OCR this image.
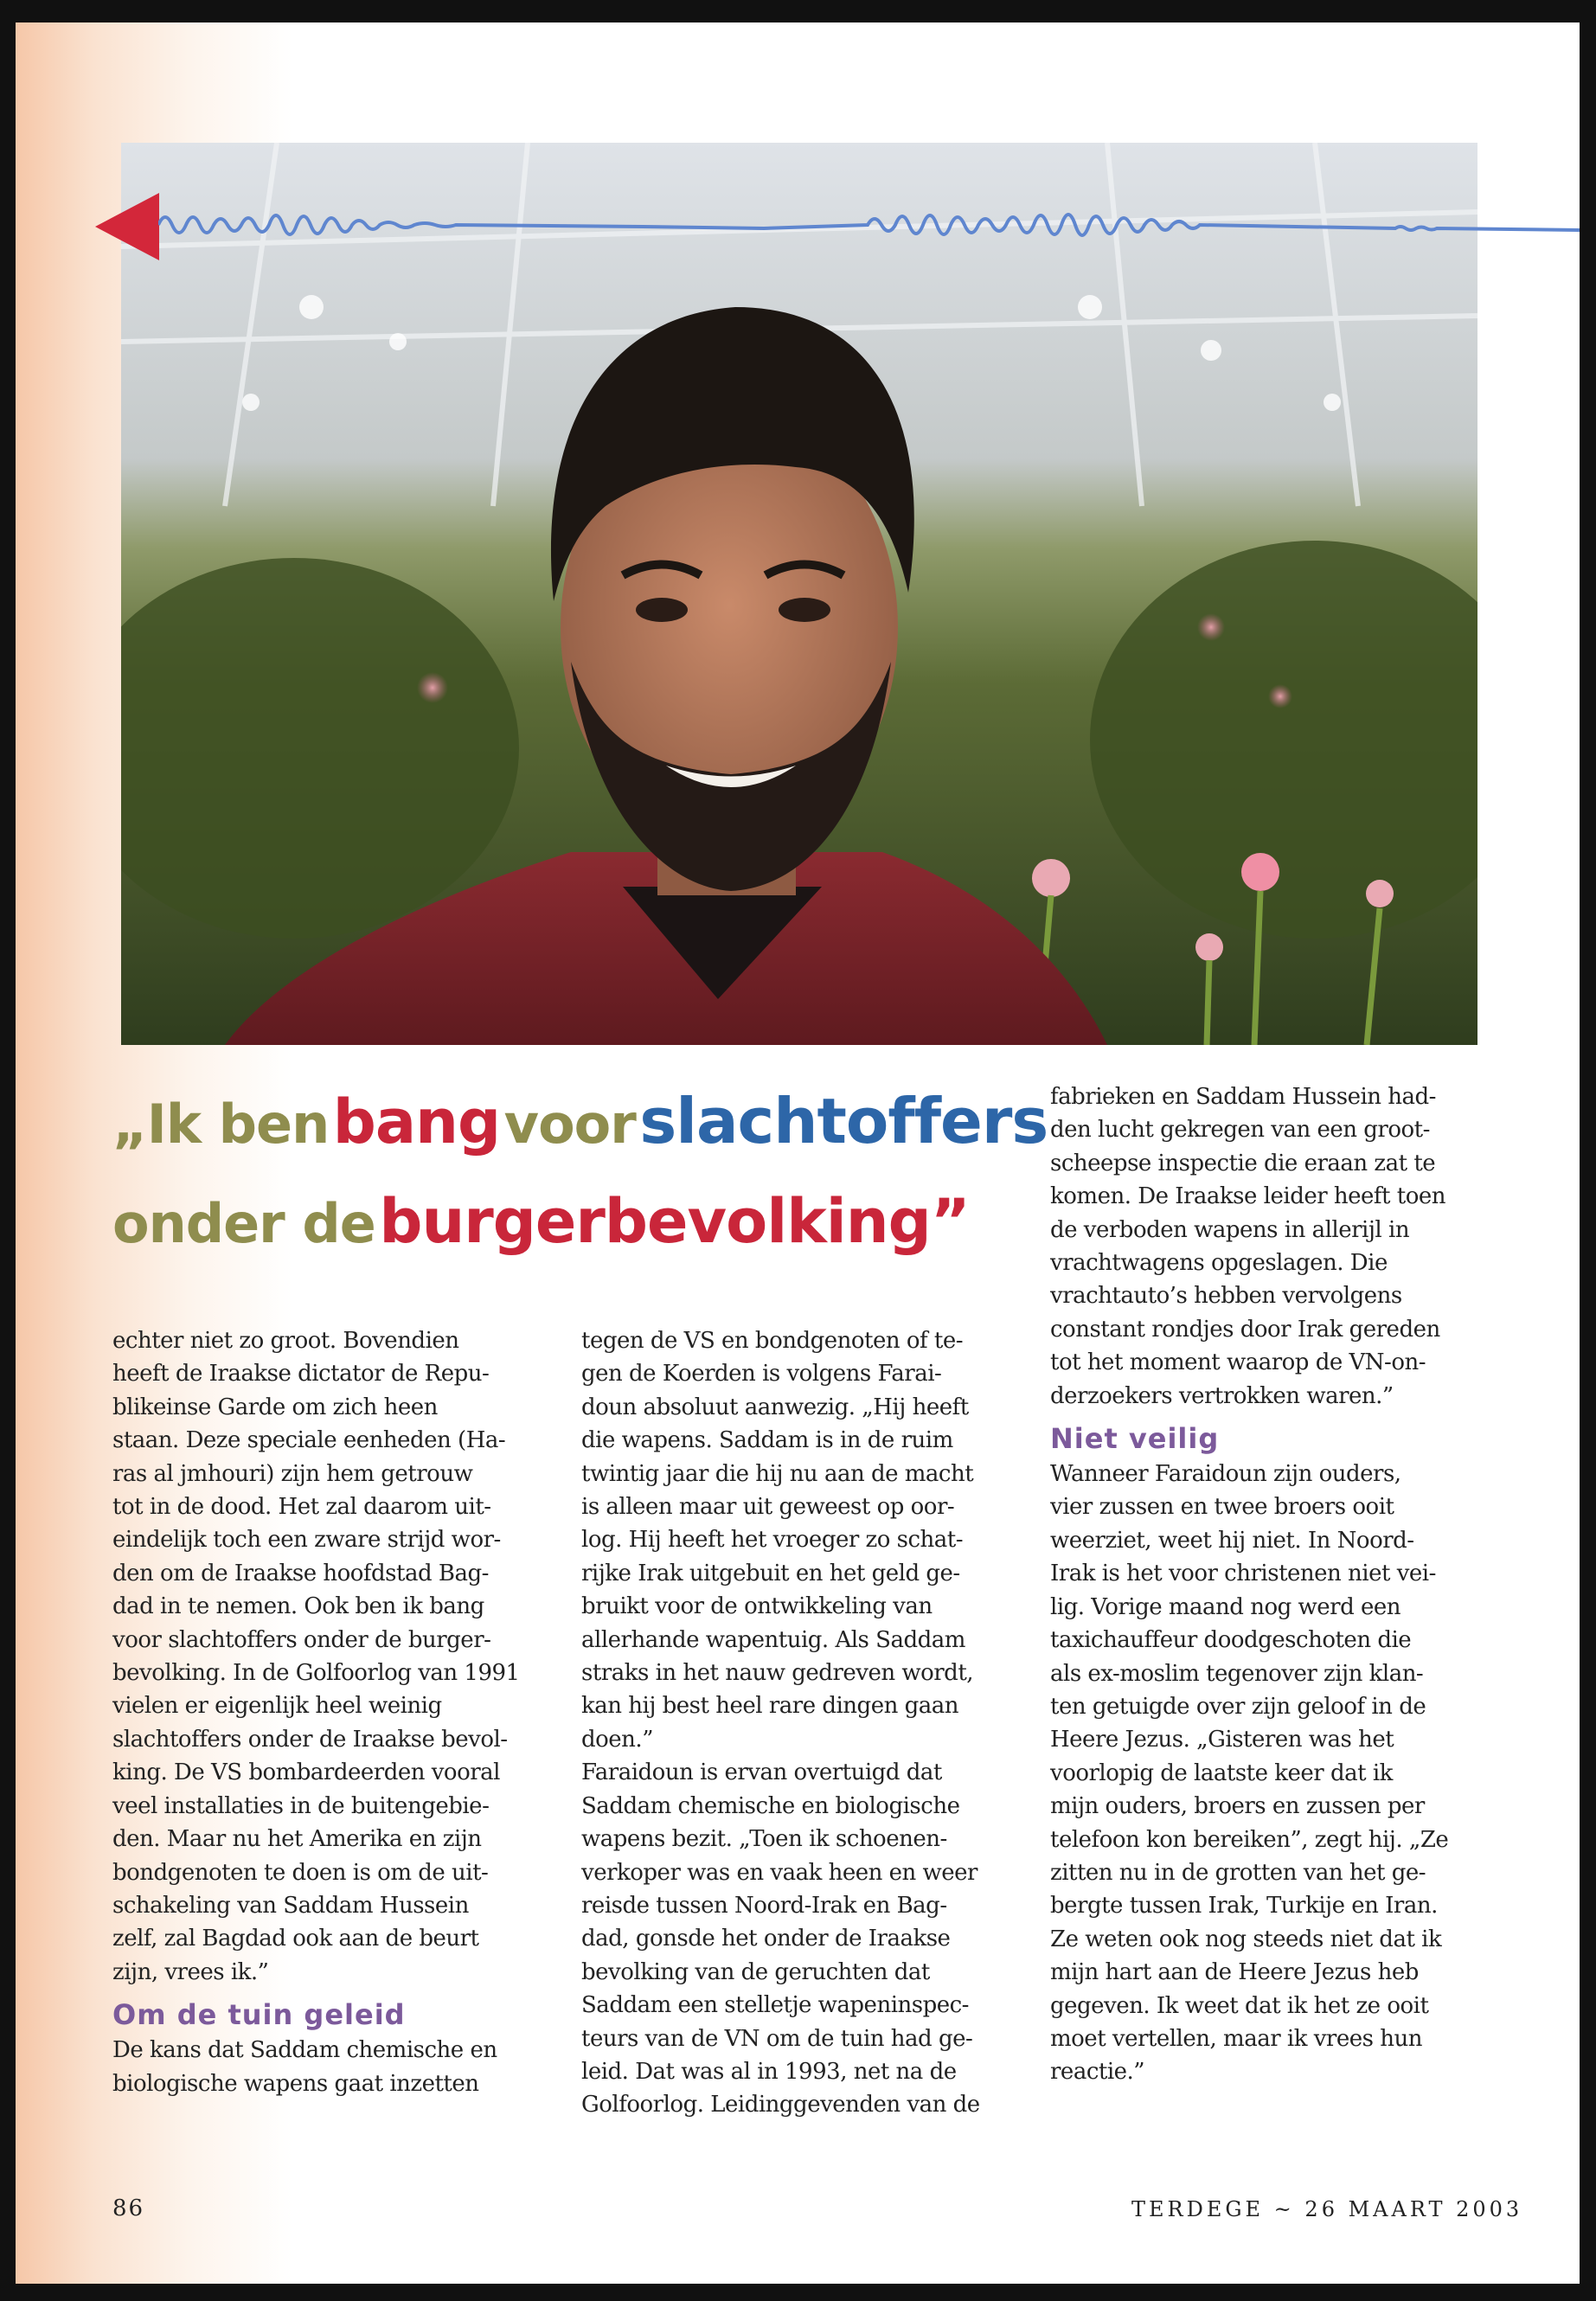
„Ik ben bang voor slachtoffers
onder de burgerbevolking”

echter niet zo groot. Bovendien
heeft de Iraakse dictator de Repu-
blikeinse Garde om zich heen
staan. Deze speciale eenheden (Ha-
ras al jmhouri) zijn hem getrouw
tot in de dood. Het zal daarom uit-
eindelijk toch een zware strijd wor-
den om de Iraakse hoofdstad Bag-
dad in te nemen. Ook ben ik bang
voor slachtoffers onder de burger-
bevolking. In de Golfoorlog van 1991
vielen er eigenlijk heel weinig
slachtoffers onder de Iraakse bevol-
king. De VS bombardeerden vooral
veel installaties in de buitengebie-
den. Maar nu het Amerika en zijn
bondgenoten te doen is om de uit-
schakeling van Saddam Hussein
zelf, zal Bagdad ook aan de beurt
zijn, vrees ik.”

Om de tuin geleid

De kans dat Saddam chemische en
biologische wapens gaat inzetten

tegen de VS en bondgenoten of te-
gen de Koerden is volgens Farai-
doun absoluut aanwezig. „Hij heeft
die wapens. Saddam is in de ruim
twintig jaar die hij nu aan de macht
is alleen maar uit geweest op oor-
log. Hij heeft het vroeger zo schat-
rijke Irak uitgebuit en het geld ge-
bruikt voor de ontwikkeling van
allerhande wapentuig. Als Saddam
straks in het nauw gedreven wordt,
kan hij best heel rare dingen gaan
doen.”

Faraidoun is ervan overtuigd dat
Saddam chemische en biologische
wapens bezit. „Toen ik schoenen-
verkoper was en vaak heen en weer
reisde tussen Noord-Irak en Bag-
dad, gonsde het onder de Iraakse
bevolking van de geruchten dat
Saddam een stelletje wapeninspec-
teurs van de VN om de tuin had ge-
leid. Dat was al in 1993, net na de
Golfoorlog. Leidinggevenden van de

fabrieken en Saddam Hussein had-
den lucht gekregen van een groot-
scheepse inspectie die eraan zat te
komen. De Iraakse leider heeft toen
de verboden wapens in allerijl in
vrachtwagens opgeslagen. Die
vrachtauto’s hebben vervolgens
constant rondjes door Irak gereden
tot het moment waarop de VN-on-
derzoekers vertrokken waren.”

Niet veilig

Wanneer Faraidoun zijn ouders,
vier zussen en twee broers ooit
weerziet, weet hij niet. In Noord-
Irak is het voor christenen niet vei-
lig. Vorige maand nog werd een
taxichauffeur doodgeschoten die
als ex-moslim tegenover zijn klan-
ten getuigde over zijn geloof in de
Heere Jezus. „Gisteren was het
voorlopig de laatste keer dat ik
mijn ouders, broers en zussen per
telefoon kon bereiken”, zegt hij. „Ze
zitten nu in de grotten van het ge-
bergte tussen Irak, Turkije en Iran.
Ze weten ook nog steeds niet dat ik
mijn hart aan de Heere Jezus heb
gegeven. Ik weet dat ik het ze ooit
moet vertellen, maar ik vrees hun
reactie.”

86	TERDEGE ~ 26 MAART 2003
